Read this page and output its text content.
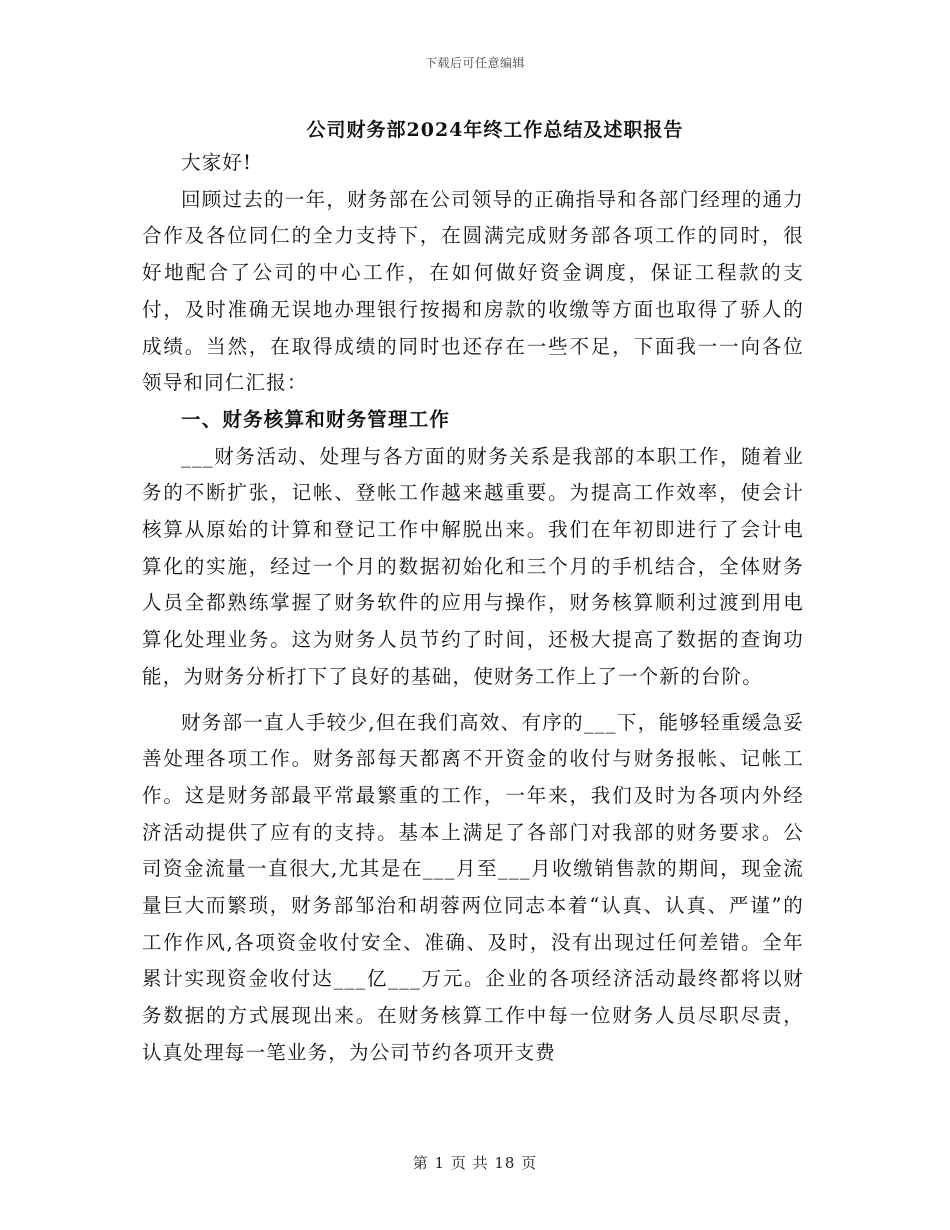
下载后可任意编辑
公司财务部2024年终工作总结及述职报告

大家好!

回顾过去的一年，财务部在公司领导的正确指导和各部门经理的通力合作及各位同仁的全力支持下，在圆满完成财务部各项工作的同时，很好地配合了公司的中心工作，在如何做好资金调度，保证工程款的支付，及时准确无误地办理银行按揭和房款的收缴等方面也取得了骄人的成绩。当然，在取得成绩的同时也还存在一些不足，下面我一一向各位领导和同仁汇报：

一、财务核算和财务管理工作

___财务活动、处理与各方面的财务关系是我部的本职工作，随着业务的不断扩张，记帐、登帐工作越来越重要。为提高工作效率，使会计核算从原始的计算和登记工作中解脱出来。我们在年初即进行了会计电算化的实施，经过一个月的数据初始化和三个月的手机结合，全体财务人员全都熟练掌握了财务软件的应用与操作，财务核算顺利过渡到用电算化处理业务。这为财务人员节约了时间，还极大提高了数据的查询功能，为财务分析打下了良好的基础，使财务工作上了一个新的台阶。

财务部一直人手较少,但在我们高效、有序的___下，能够轻重缓急妥善处理各项工作。财务部每天都离不开资金的收付与财务报帐、记帐工作。这是财务部最平常最繁重的工作，一年来，我们及时为各项内外经济活动提供了应有的支持。基本上满足了各部门对我部的财务要求。公司资金流量一直很大,尤其是在___月至___月收缴销售款的期间，现金流量巨大而繁琐，财务部邹治和胡蓉两位同志本着“认真、认真、严谨”的工作作风,各项资金收付安全、准确、及时，没有出现过任何差错。全年累计实现资金收付达___亿___万元。企业的各项经济活动最终都将以财务数据的方式展现出来。在财务核算工作中每一位财务人员尽职尽责，认真处理每一笔业务，为公司节约各项开支费

第 1 页 共 18 页
